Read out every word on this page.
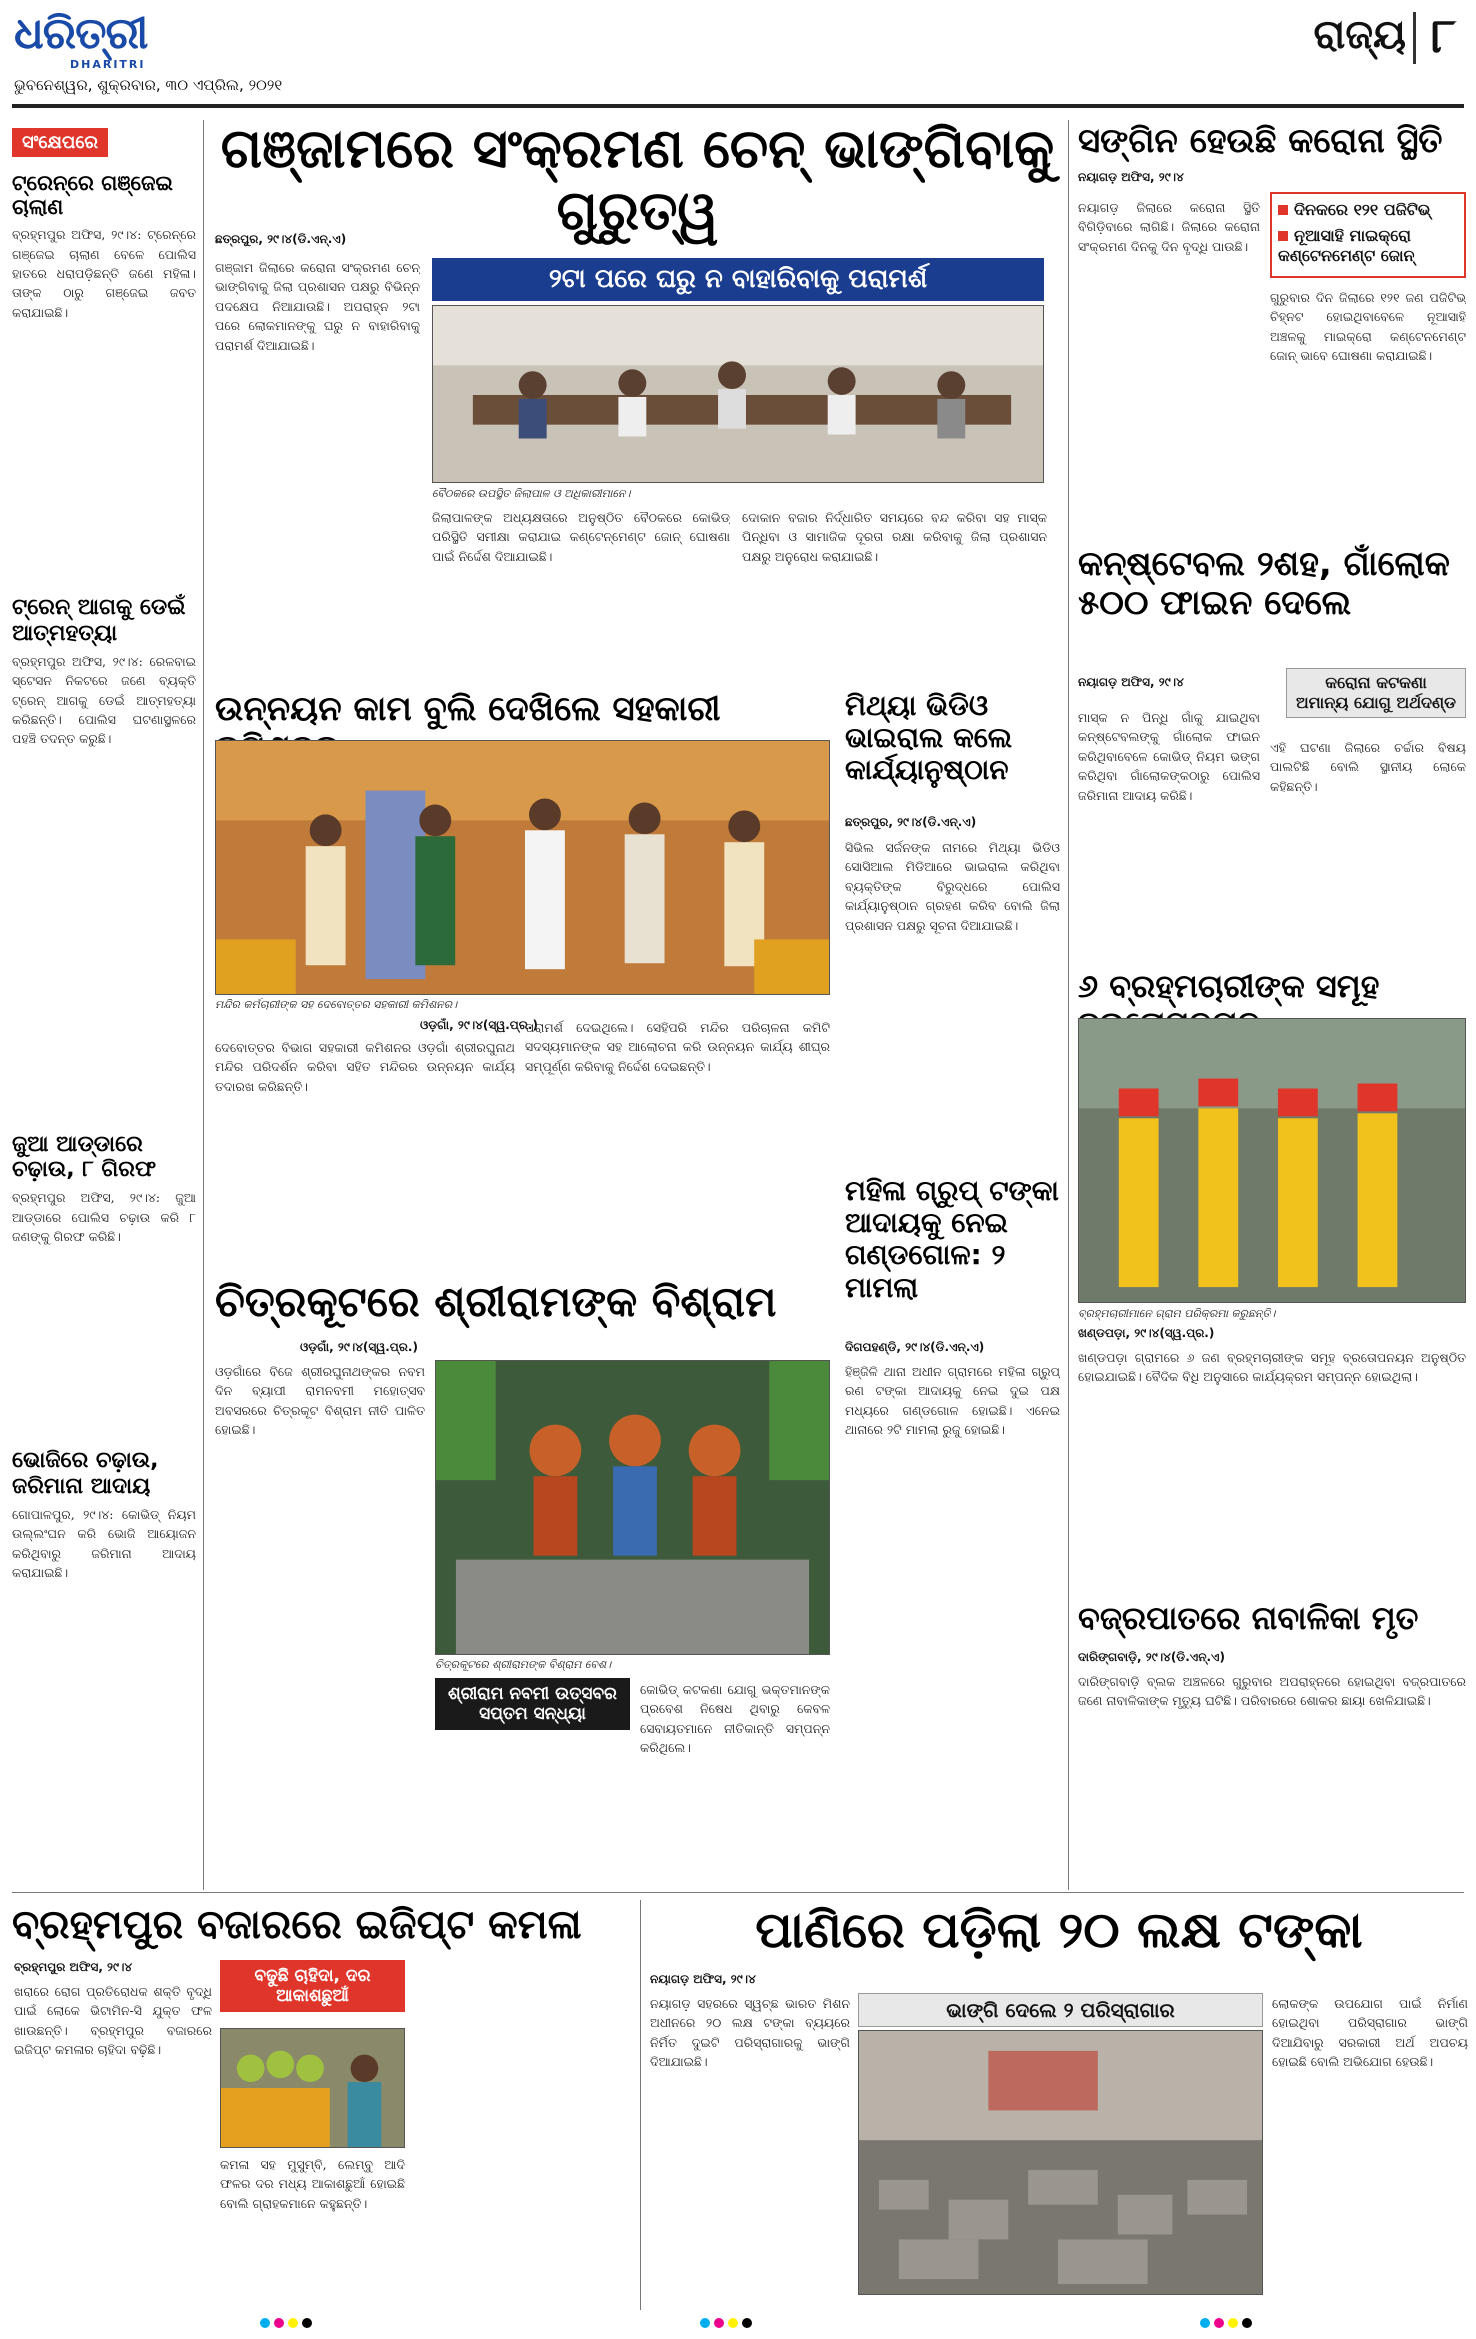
ଧରିତ୍ରୀ
DHARITRI
ଭୁବନେଶ୍ୱର, ଶୁକ୍ରବାର, ୩୦ ଏପ୍ରିଲ, ୨୦୨୧
ରାଜ୍ୟ ୮
ସଂକ୍ଷେପରେ
ଟ୍ରେନ୍‌ରେ ଗଞ୍ଜେଇ ଚାଲାଣ
ବ୍ରହ୍ମପୁର ଅଫିସ, ୨୯।୪: ଟ୍ରେନ୍‌ରେ ଗଞ୍ଜେଇ ଚାଲାଣ ବେଳେ ପୋଲିସ ହାତରେ ଧରାପଡ଼ିଛନ୍ତି ଜଣେ ମହିଳା। ତାଙ୍କ ଠାରୁ ଗଞ୍ଜେଇ ଜବତ କରାଯାଇଛି।
ଟ୍ରେନ୍ ଆଗକୁ ଡେଇଁ ଆତ୍ମହତ୍ୟା
ବ୍ରହ୍ମପୁର ଅଫିସ, ୨୯।୪: ରେଳବାଇ ସ୍ଟେସନ ନିକଟରେ ଜଣେ ବ୍ୟକ୍ତି ଟ୍ରେନ୍ ଆଗକୁ ଡେଇଁ ଆତ୍ମହତ୍ୟା କରିଛନ୍ତି। ପୋଲିସ ଘଟଣାସ୍ଥଳରେ ପହଞ୍ଚି ତଦନ୍ତ କରୁଛି।
ଜୁଆ ଆଡ୍ଡାରେ ଚଢ଼ାଉ, ୮ ଗିରଫ
ବ୍ରହ୍ମପୁର ଅଫିସ, ୨୯।୪: ଜୁଆ ଆଡ୍ଡାରେ ପୋଲିସ ଚଢ଼ାଉ କରି ୮ ଜଣଙ୍କୁ ଗିରଫ କରିଛି।
ଭୋଜିରେ ଚଢ଼ାଉ, ଜରିମାନା ଆଦାୟ
ଗୋପାଳପୁର, ୨୯।୪: କୋଭିଡ୍ ନିୟମ ଉଲ୍ଲଂଘନ କରି ଭୋଜି ଆୟୋଜନ କରିଥିବାରୁ ଜରିମାନା ଆଦାୟ କରାଯାଇଛି।
ଗଞ୍ଜାମରେ ସଂକ୍ରମଣ ଚେନ୍ ଭାଙ୍ଗିବାକୁ ଗୁରୁତ୍ୱ
ଛତ୍ରପୁର, ୨୯।୪(ଡି.ଏନ୍.ଏ)
୨ଟା ପରେ ଘରୁ ନ ବାହାରିବାକୁ ପରାମର୍ଶ
ବୈଠକରେ ଉପସ୍ଥିତ ଜିଲାପାଳ ଓ ଅଧିକାରୀମାନେ।
ଗଞ୍ଜାମ ଜିଲାରେ କରୋନା ସଂକ୍ରମଣ ଚେନ୍ ଭାଙ୍ଗିବାକୁ ଜିଲା ପ୍ରଶାସନ ପକ୍ଷରୁ ବିଭିନ୍ନ ପଦକ୍ଷେପ ନିଆଯାଉଛି। ଅପରାହ୍ନ ୨ଟା ପରେ ଲୋକମାନଙ୍କୁ ଘରୁ ନ ବାହାରିବାକୁ ପରାମର୍ଶ ଦିଆଯାଇଛି।
ଜିଲାପାଳଙ୍କ ଅଧ୍ୟକ୍ଷତାରେ ଅନୁଷ୍ଠିତ ବୈଠକରେ କୋଭିଡ୍ ପରିସ୍ଥିତି ସମୀକ୍ଷା କରାଯାଇ କଣ୍ଟେନ୍‌ମେଣ୍ଟ ଜୋନ୍ ଘୋଷଣା ପାଇଁ ନିର୍ଦ୍ଦେଶ ଦିଆଯାଇଛି।
ଦୋକାନ ବଜାର ନିର୍ଦ୍ଧାରିତ ସମୟରେ ବନ୍ଦ କରିବା ସହ ମାସ୍କ ପିନ୍ଧିବା ଓ ସାମାଜିକ ଦୂରତା ରକ୍ଷା କରିବାକୁ ଜିଲା ପ୍ରଶାସନ ପକ୍ଷରୁ ଅନୁରୋଧ କରାଯାଇଛି।
ସଙ୍ଗିନ ହେଉଛି କରୋନା ସ୍ଥିତି
ନୟାଗଡ଼ ଅଫିସ, ୨୯।୪
ଦିନକରେ ୧୨୧ ପଜିଟିଭ୍
ନୂଆସାହି ମାଇକ୍ରୋ କଣ୍ଟେନମେଣ୍ଟ ଜୋନ୍
ନୟାଗଡ଼ ଜିଲାରେ କରୋନା ସ୍ଥିତି ବିଗିଡ଼ିବାରେ ଲାଗିଛି। ଜିଲାରେ କରୋନା ସଂକ୍ରମଣ ଦିନକୁ ଦିନ ବୃଦ୍ଧି ପାଉଛି।
ଗୁରୁବାର ଦିନ ଜିଲାରେ ୧୨୧ ଜଣ ପଜିଟିଭ୍ ଚିହ୍ନଟ ହୋଇଥିବାବେଳେ ନୂଆସାହି ଅଞ୍ଚଳକୁ ମାଇକ୍ରୋ କଣ୍ଟେନମେଣ୍ଟ ଜୋନ୍ ଭାବେ ଘୋଷଣା କରାଯାଇଛି।
କନ୍‌ଷ୍ଟେବଲ ୨ଶହ, ଗାଁଲୋକ ୫୦୦ ଫାଇନ ଦେଲେ
ନୟାଗଡ଼ ଅଫିସ, ୨୯।୪	କରୋନା କଟକଣା
ଅମାନ୍ୟ ଯୋଗୁ ଅର୍ଥଦଣ୍ଡ
ମାସ୍କ ନ ପିନ୍ଧି ଗାଁକୁ ଯାଇଥିବା କନ୍‌ଷ୍ଟେବଲଙ୍କୁ ଗାଁଲୋକ ଫାଇନ କରିଥିବାବେଳେ କୋଭିଡ୍ ନିୟମ ଭଙ୍ଗ କରିଥିବା ଗାଁଲୋକଙ୍କଠାରୁ ପୋଲିସ ଜରିମାନା ଆଦାୟ କରିଛି।
ଏହି ଘଟଣା ଜିଲାରେ ଚର୍ଚ୍ଚାର ବିଷୟ ପାଲଟିଛି ବୋଲି ସ୍ଥାନୀୟ ଲୋକେ କହିଛନ୍ତି।
ଉନ୍ନୟନ କାମ ବୁଲି ଦେଖିଲେ ସହକାରୀ
ମନ୍ଦିର କର୍ମଚାରୀଙ୍କ ସହ ଦେବୋତ୍ତର ସହକାରୀ କମିଶନର।
ଓଡ଼ଗାଁ, ୨୯।୪(ସ୍ୱ.ପ୍ର.)
ଦେବୋତ୍ତର ବିଭାଗ ସହକାରୀ କମିଶନର ଓଡ଼ଗାଁ ଶ୍ରୀରଘୁନାଥ ମନ୍ଦିର ପରିଦର୍ଶନ କରିବା ସହିତ ମନ୍ଦିରର ଉନ୍ନୟନ କାର୍ଯ୍ୟ ତଦାରଖ କରିଛନ୍ତି।
ପରାମର୍ଶ ଦେଇଥିଲେ। ସେହିପରି ମନ୍ଦିର ପରିଚାଳନା କମିଟି ସଦସ୍ୟମାନଙ୍କ ସହ ଆଲୋଚନା କରି ଉନ୍ନୟନ କାର୍ଯ୍ୟ ଶୀଘ୍ର ସମ୍ପୂର୍ଣ୍ଣ କରିବାକୁ ନିର୍ଦ୍ଦେଶ ଦେଇଛନ୍ତି।
ମିଥ୍ୟା ଭିଡିଓ ଭାଇରାଲ କଲେ କାର୍ଯ୍ୟାନୁଷ୍ଠାନ
ଛତ୍ରପୁର, ୨୯।୪(ଡି.ଏନ୍.ଏ)
ସିଭିଲ ସର୍ଜନଙ୍କ ନାମରେ ମିଥ୍ୟା ଭିଡିଓ ସୋସିଆଲ ମିଡିଆରେ ଭାଇରାଲ କରିଥିବା ବ୍ୟକ୍ତିଙ୍କ ବିରୁଦ୍ଧରେ ପୋଲିସ କାର୍ଯ୍ୟାନୁଷ୍ଠାନ ଗ୍ରହଣ କରିବ ବୋଲି ଜିଲା ପ୍ରଶାସନ ପକ୍ଷରୁ ସୂଚନା ଦିଆଯାଇଛି।
ମହିଳା ଗ୍ରୁପ୍ ଟଙ୍କା ଆଦାୟକୁ ନେଇ ଗଣ୍ଡଗୋଳ: ୨ ମାମଲା
ଦିଗପହଣ୍ଡି, ୨୯।୪(ଡି.ଏନ୍.ଏ)
ହିଞ୍ଜିଳି ଥାନା ଅଧୀନ ଗ୍ରାମରେ ମହିଳା ଗ୍ରୁପ୍ ରଣ ଟଙ୍କା ଆଦାୟକୁ ନେଇ ଦୁଇ ପକ୍ଷ ମଧ୍ୟରେ ଗଣ୍ଡଗୋଳ ହୋଇଛି। ଏନେଇ ଥାନାରେ ୨ଟି ମାମଲା ରୁଜୁ ହୋଇଛି।
୬ ବ୍ରହ୍ମଚାରୀଙ୍କ ସମୂହ
ବ୍ରହ୍ମଚାରୀମାନେ ଗ୍ରାମ ପରିକ୍ରମା କରୁଛନ୍ତି।
ଖଣ୍ଡପଡ଼ା, ୨୯।୪(ସ୍ୱ.ପ୍ର.)
ଖଣ୍ଡପଡ଼ା ଗ୍ରାମରେ ୬ ଜଣ ବ୍ରହ୍ମଚାରୀଙ୍କ ସମୂହ ବ୍ରତୋପନୟନ ଅନୁଷ୍ଠିତ ହୋଇଯାଇଛି। ବୈଦିକ ବିଧି ଅନୁସାରେ କାର୍ଯ୍ୟକ୍ରମ ସମ୍ପନ୍ନ ହୋଇଥିଲା।
ଚିତ୍ରକୂଟରେ ଶ୍ରୀରାମଙ୍କ ବିଶ୍ରାମ
ଓଡ଼ଗାଁ, ୨୯।୪(ସ୍ୱ.ପ୍ର.)
ଓଡ଼ଗାଁରେ ବିଜେ ଶ୍ରୀରଘୁନାଥଙ୍କର ନବମ ଦିନ ବ୍ୟାପୀ ରାମନବମୀ ମହୋତ୍ସବ ଅବସରରେ ଚିତ୍ରକୂଟ ବିଶ୍ରାମ ନୀତି ପାଳିତ ହୋଇଛି।
ଚିତ୍ରକୂଟରେ ଶ୍ରୀରାମଙ୍କ ବିଶ୍ରାମ ବେଶ।
ଶ୍ରୀରାମ ନବମୀ ଉତ୍ସବର
ସପ୍ତମ ସନ୍ଧ୍ୟା
କୋଭିଡ୍ କଟକଣା ଯୋଗୁ ଭକ୍ତମାନଙ୍କ ପ୍ରବେଶ ନିଷେଧ ଥିବାରୁ କେବଳ ସେବାୟତମାନେ ନୀତିକାନ୍ତି ସମ୍ପନ୍ନ କରିଥିଲେ।
ବଜ୍ରପାତରେ ନାବାଳିକା ମୃତ
ଦାରିଙ୍ଗବାଡ଼ି, ୨୯।୪(ଡି.ଏନ୍.ଏ)
ଦାରିଙ୍ଗବାଡ଼ି ବ୍ଲକ ଅଞ୍ଚଳରେ ଗୁରୁବାର ଅପରାହ୍ନରେ ହୋଇଥିବା ବଜ୍ରପାତରେ ଜଣେ ନାବାଳିକାଙ୍କ ମୃତ୍ୟୁ ଘଟିଛି। ପରିବାରରେ ଶୋକର ଛାୟା ଖେଳିଯାଇଛି।
ବ୍ରହ୍ମପୁର ବଜାରରେ ଇଜିପ୍ଟ କମଳା
ବ୍ରହ୍ମପୁର ଅଫିସ, ୨୯।୪	ବଢୁଛି ଚାହିଦା, ଦର
ଆକାଶଛୁଆଁ
ଖରାରେ ରୋଗ ପ୍ରତିରୋଧକ ଶକ୍ତି ବୃଦ୍ଧି ପାଇଁ ଲୋକେ ଭିଟାମିନ-ସି ଯୁକ୍ତ ଫଳ ଖାଉଛନ୍ତି। ବ୍ରହ୍ମପୁର ବଜାରରେ ଇଜିପ୍ଟ କମଳାର ଚାହିଦା ବଢ଼ିଛି।
କମଳା ସହ ମୁସୁମ୍ବି, ଲେମ୍ବୁ ଆଦି ଫଳର ଦର ମଧ୍ୟ ଆକାଶଛୁଆଁ ହୋଇଛି ବୋଲି ଗ୍ରାହକମାନେ କହୁଛନ୍ତି।
ପାଣିରେ ପଡ଼ିଲା ୨୦ ଲକ୍ଷ ଟଙ୍କା
ନୟାଗଡ଼ ଅଫିସ, ୨୯।୪
ଭାଙ୍ଗି ଦେଲେ ୨ ପରିସ୍ରାଗାର
ନୟାଗଡ଼ ସହରରେ ସ୍ୱଚ୍ଛ ଭାରତ ମିଶନ ଅଧୀନରେ ୨୦ ଲକ୍ଷ ଟଙ୍କା ବ୍ୟୟରେ ନିର୍ମିତ ଦୁଇଟି ପରିସ୍ରାଗାରକୁ ଭାଙ୍ଗି ଦିଆଯାଇଛି।
ଲୋକଙ୍କ ଉପଯୋଗ ପାଇଁ ନିର୍ମାଣ ହୋଇଥିବା ପରିସ୍ରାଗାର ଭାଙ୍ଗି ଦିଆଯିବାରୁ ସରକାରୀ ଅର୍ଥ ଅପଚୟ ହୋଇଛି ବୋଲି ଅଭିଯୋଗ ହେଉଛି।
